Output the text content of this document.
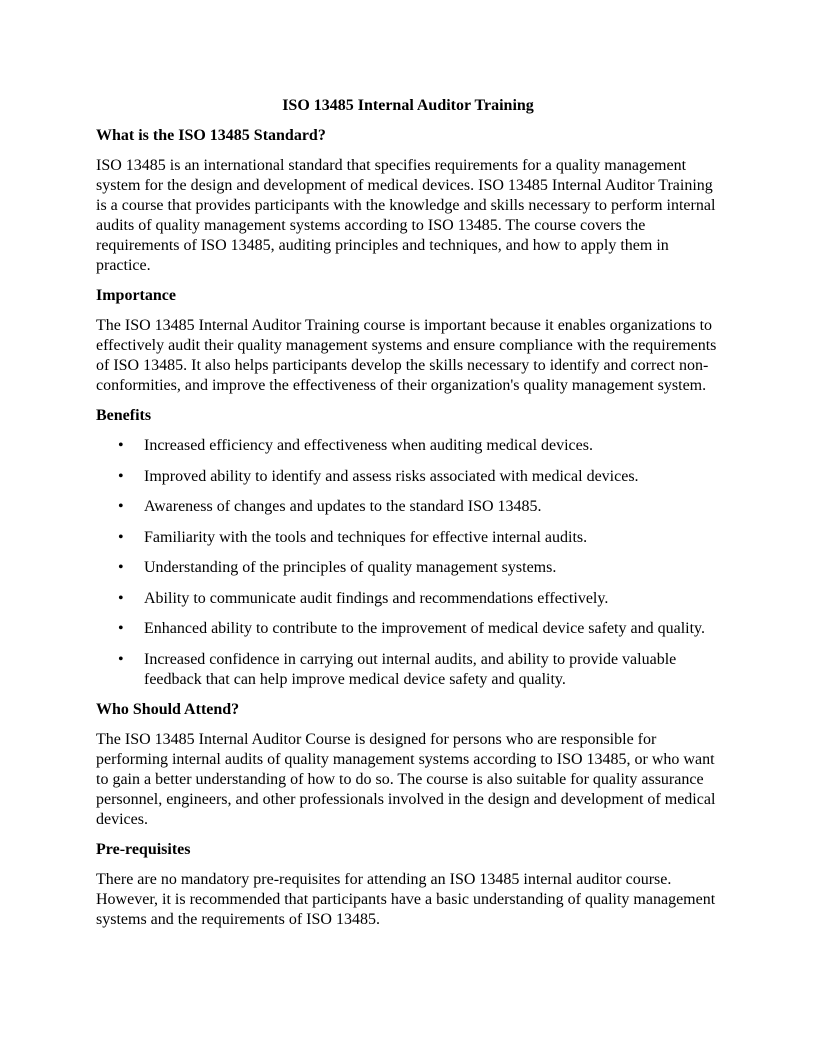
ISO 13485 Internal Auditor Training

What is the ISO 13485 Standard?

ISO 13485 is an international standard that specifies requirements for a quality management system for the design and development of medical devices. ISO 13485 Internal Auditor Training is a course that provides participants with the knowledge and skills necessary to perform internal audits of quality management systems according to ISO 13485. The course covers the requirements of ISO 13485, auditing principles and techniques, and how to apply them in practice.

Importance

The ISO 13485 Internal Auditor Training course is important because it enables organizations to effectively audit their quality management systems and ensure compliance with the requirements of ISO 13485. It also helps participants develop the skills necessary to identify and correct non-conformities, and improve the effectiveness of their organization's quality management system.

Benefits

• Increased efficiency and effectiveness when auditing medical devices.
• Improved ability to identify and assess risks associated with medical devices.
• Awareness of changes and updates to the standard ISO 13485.
• Familiarity with the tools and techniques for effective internal audits.
• Understanding of the principles of quality management systems.
• Ability to communicate audit findings and recommendations effectively.
• Enhanced ability to contribute to the improvement of medical device safety and quality.
• Increased confidence in carrying out internal audits, and ability to provide valuable feedback that can help improve medical device safety and quality.

Who Should Attend?

The ISO 13485 Internal Auditor Course is designed for persons who are responsible for performing internal audits of quality management systems according to ISO 13485, or who want to gain a better understanding of how to do so. The course is also suitable for quality assurance personnel, engineers, and other professionals involved in the design and development of medical devices.

Pre-requisites

There are no mandatory pre-requisites for attending an ISO 13485 internal auditor course. However, it is recommended that participants have a basic understanding of quality management systems and the requirements of ISO 13485.
